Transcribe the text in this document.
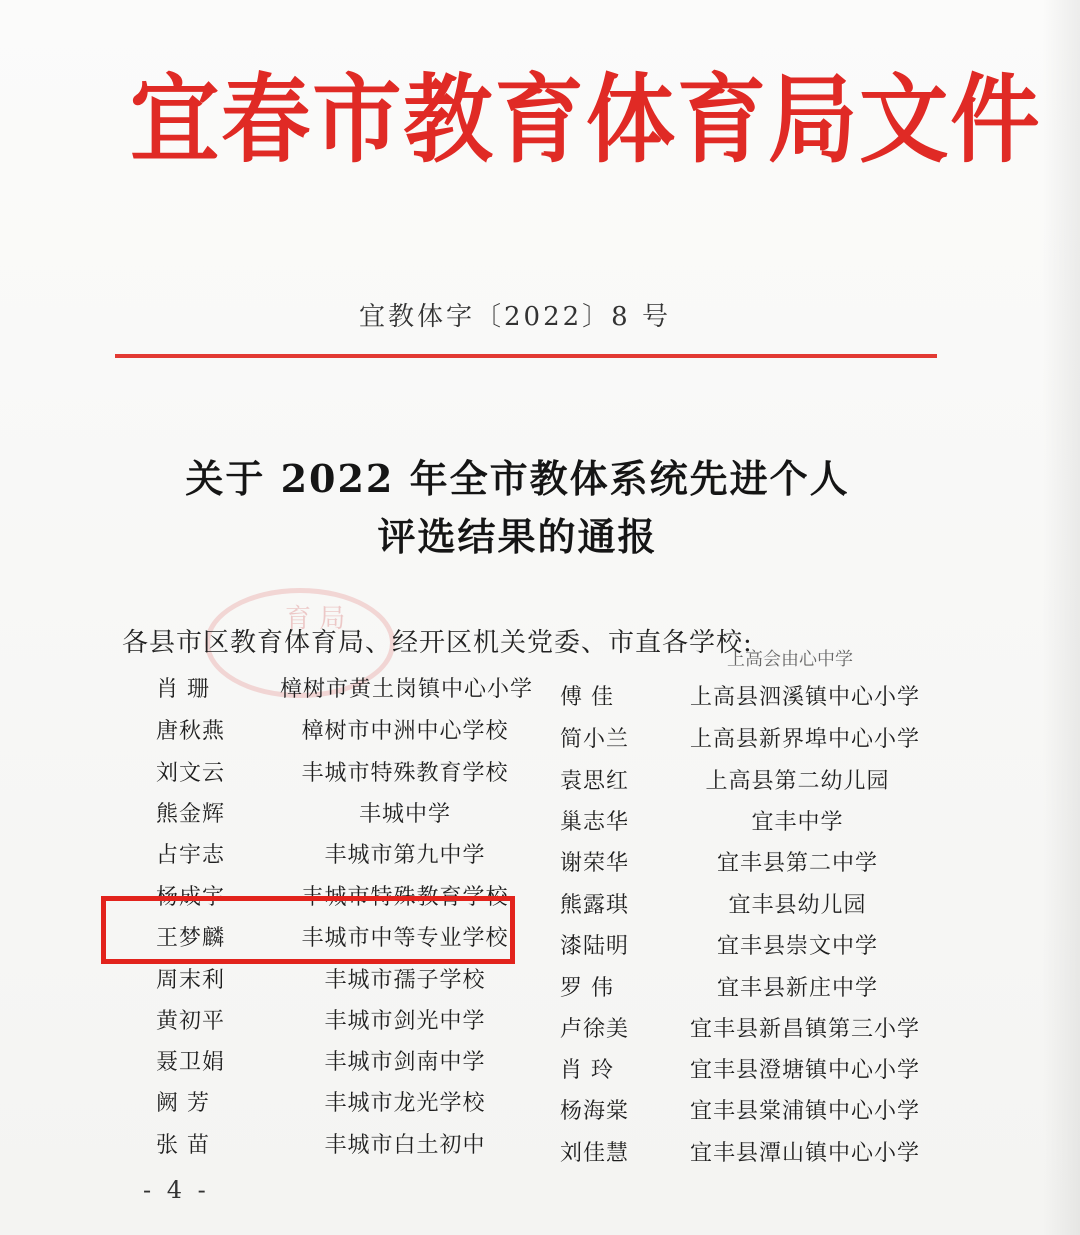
宜春市教育体育局文件
宜教体字〔2022〕8 号
关于 2022 年全市教体系统先进个人
评选结果的通报
育 局
各县市区教育体育局、经开区机关党委、市直各学校:
上高会由心中学
肖 珊	樟树市黄土岗镇中心小学 傅 佳	上高县泗溪镇中心小学
唐秋燕	樟树市中洲中心学校	简小兰	上高县新界埠中心小学
刘文云	丰城市特殊教育学校	袁思红	上高县第二幼儿园
熊金辉	丰城中学	巢志华	宜丰中学
占宇志	丰城市第九中学	谢荣华	宜丰县第二中学
杨成宇	丰城市特殊教育学校	熊露琪	宜丰县幼儿园
王梦麟	丰城市中等专业学校	漆陆明	宜丰县崇文中学
周末利	丰城市孺子学校	罗 伟	宜丰县新庄中学
黄初平	丰城市剑光中学	卢徐美	宜丰县新昌镇第三小学
聂卫娟	丰城市剑南中学	肖 玲	宜丰县澄塘镇中心小学
阙 芳	丰城市龙光学校	杨海棠	宜丰县棠浦镇中心小学
张 苗	丰城市白土初中	刘佳慧	宜丰县潭山镇中心小学
- 4 -
